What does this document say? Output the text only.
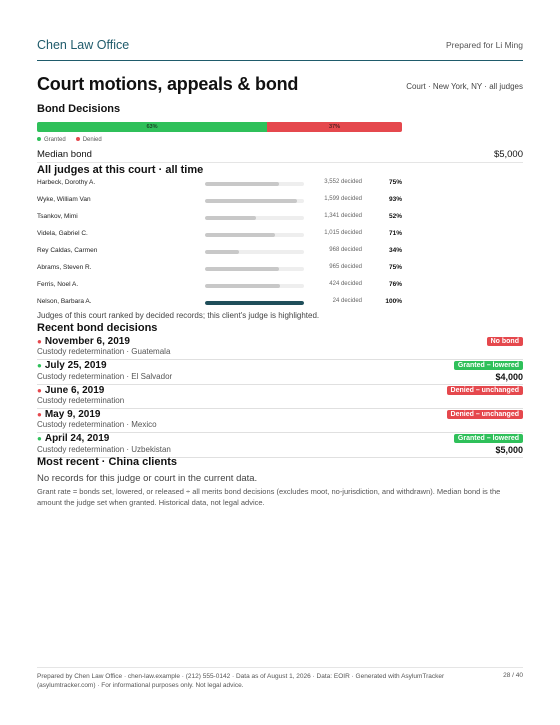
Chen Law Office	Prepared for Li Ming
Court motions, appeals & bond	Court · New York, NY · all judges
Bond Decisions
63%	37%
Granted	Denied
Median bond	$5,000
All judges at this court · all time
Harbeck, Dorothy A.	3,552 decided	75%
Wyke, William Van	1,599 decided	93%
Tsankov, Mimi	1,341 decided	52%
Videla, Gabriel C.	1,015 decided	71%
Rey Caldas, Carmen	968 decided	34%
Abrams, Steven R.	965 decided	75%
Ferris, Noel A.	424 decided	76%
Nelson, Barbara A.	24 decided	100%
Judges of this court ranked by decided records; this client's judge is highlighted.
Recent bond decisions
● November 6, 2019
Custody redetermination · Guatemala
No bond
● July 25, 2019
Custody redetermination · El Salvador
Granted – lowered
$4,000
● June 6, 2019
Custody redetermination
Denied – unchanged
● May 9, 2019
Custody redetermination · Mexico
Denied – unchanged
● April 24, 2019
Custody redetermination · Uzbekistan
Granted – lowered
$5,000
Most recent · China clients
No records for this judge or court in the current data.
Grant rate = bonds set, lowered, or released ÷ all merits bond decisions (excludes moot, no-jurisdiction, and withdrawn). Median bond is the amount the judge set when granted. Historical data, not legal advice.
Prepared by Chen Law Office · chen-law.example · (212) 555-0142 · Data as of August 1, 2026 · Data: EOIR · Generated with AsylumTracker (asylumtracker.com) · For informational purposes only. Not legal advice.
28 / 40
